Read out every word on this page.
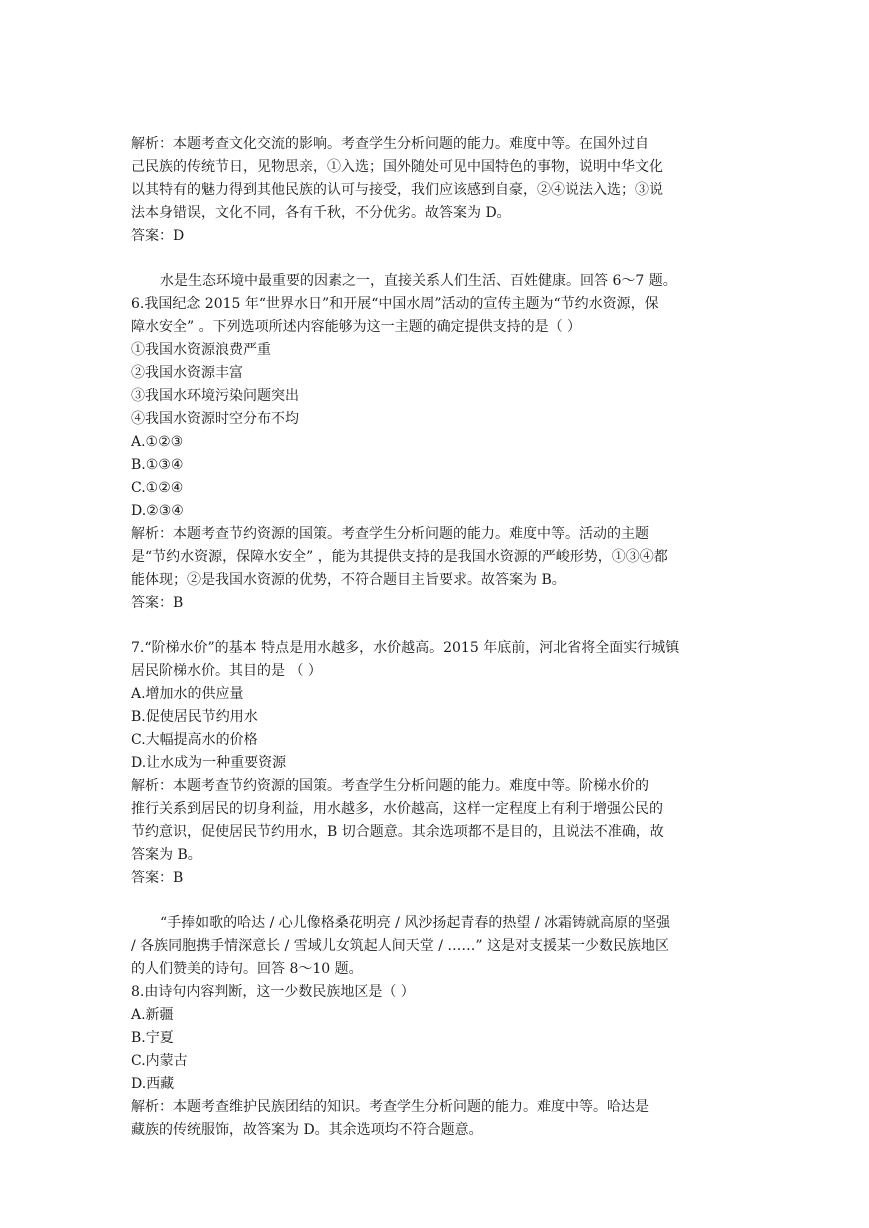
解析：本题考查文化交流的影响。考查学生分析问题的能力。难度中等。在国外过自
己民族的传统节日，见物思亲，①入选；国外随处可见中国特色的事物，说明中华文化
以其特有的魅力得到其他民族的认可与接受，我们应该感到自豪，②④说法入选；③说
法本身错误，文化不同，各有千秋，不分优劣。故答案为 D。
答案：D
水是生态环境中最重要的因素之一，直接关系人们生活、百姓健康。回答 6～7 题。
6.我国纪念 2015 年“世界水日”和开展“中国水周”活动的宣传主题为“节约水资源，保
障水安全” 。下列选项所述内容能够为这一主题的确定提供支持的是（ ）
①我国水资源浪费严重
②我国水资源丰富
③我国水环境污染问题突出
④我国水资源时空分布不均
A.①②③
B.①③④
C.①②④
D.②③④
解析：本题考查节约资源的国策。考查学生分析问题的能力。难度中等。活动的主题
是“节约水资源，保障水安全” ，能为其提供支持的是我国水资源的严峻形势，①③④都
能体现；②是我国水资源的优势，不符合题目主旨要求。故答案为 B。
答案：B
7.“阶梯水价”的基本 特点是用水越多，水价越高。2015 年底前，河北省将全面实行城镇
居民阶梯水价。其目的是 （ ）
A.增加水的供应量
B.促使居民节约用水
C.大幅提高水的价格
D.让水成为一种重要资源
解析：本题考查节约资源的国策。考查学生分析问题的能力。难度中等。阶梯水价的
推行关系到居民的切身利益，用水越多，水价越高，这样一定程度上有利于增强公民的
节约意识，促使居民节约用水，B 切合题意。其余选项都不是目的，且说法不准确，故
答案为 B。
答案：B
“手捧如歌的哈达 / 心儿像格桑花明亮 / 风沙扬起青春的热望 / 冰霜铸就高原的坚强
/ 各族同胞携手情深意长 / 雪域儿女筑起人间天堂 / ……” 这是对支援某一少数民族地区
的人们赞美的诗句。回答 8～10 题。
8.由诗句内容判断，这一少数民族地区是（ ）
A.新疆
B.宁夏
C.内蒙古
D.西藏
解析：本题考查维护民族团结的知识。考查学生分析问题的能力。难度中等。哈达是
藏族的传统服饰，故答案为 D。其余选项均不符合题意。
